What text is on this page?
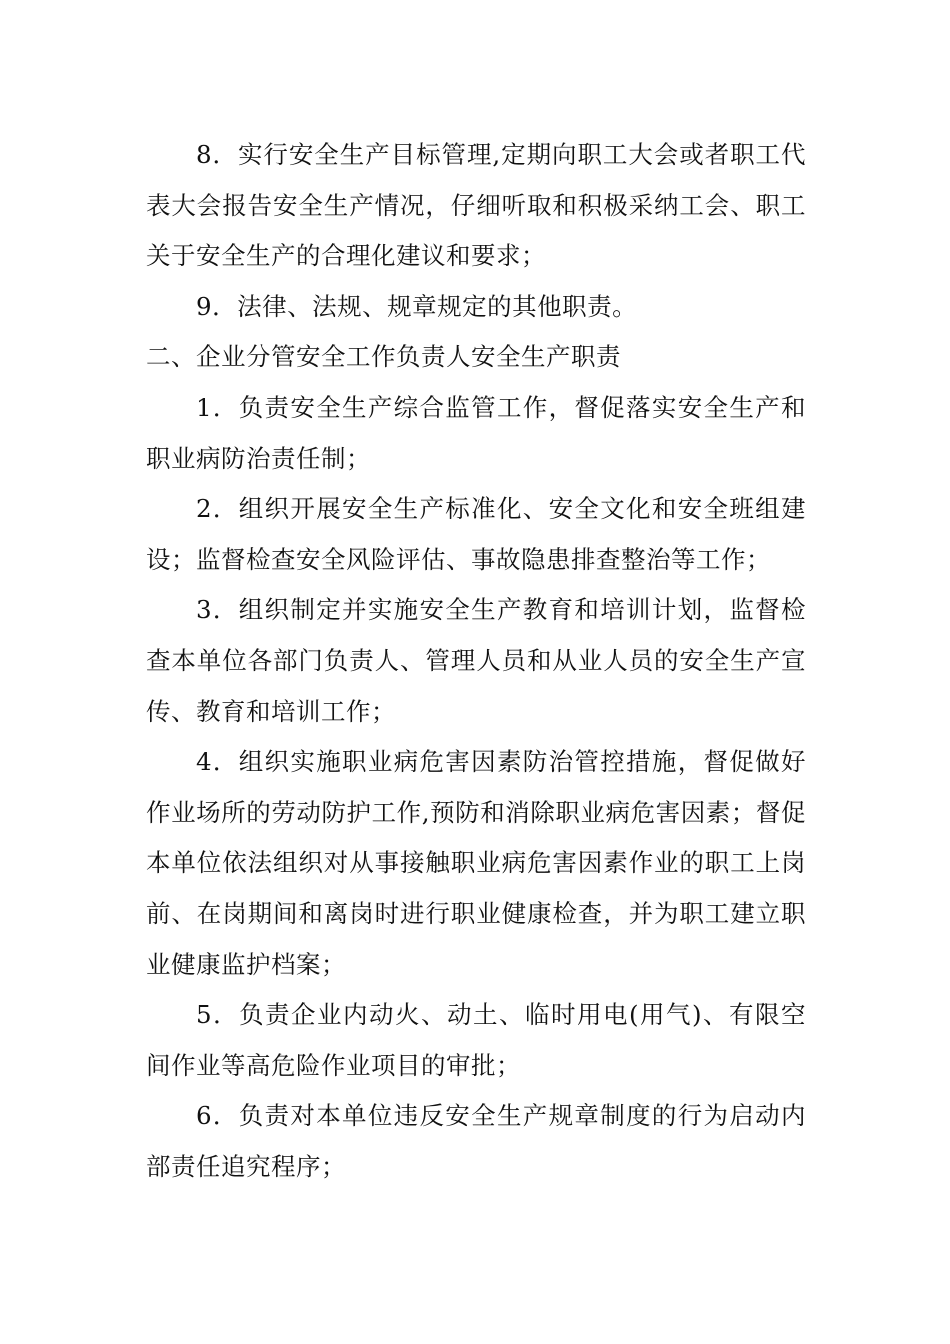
8．实行安全生产目标管理,定期向职工大会或者职工代表大会报告安全生产情况，仔细听取和积极采纳工会、职工关于安全生产的合理化建议和要求；

9．法律、法规、规章规定的其他职责。

二、企业分管安全工作负责人安全生产职责

1．负责安全生产综合监管工作，督促落实安全生产和职业病防治责任制；

2．组织开展安全生产标准化、安全文化和安全班组建设；监督检查安全风险评估、事故隐患排查整治等工作；

3．组织制定并实施安全生产教育和培训计划，监督检查本单位各部门负责人、管理人员和从业人员的安全生产宣传、教育和培训工作；

4．组织实施职业病危害因素防治管控措施，督促做好作业场所的劳动防护工作,预防和消除职业病危害因素；督促本单位依法组织对从事接触职业病危害因素作业的职工上岗前、在岗期间和离岗时进行职业健康检查，并为职工建立职业健康监护档案；

5．负责企业内动火、动土、临时用电(用气)、有限空间作业等高危险作业项目的审批；

6．负责对本单位违反安全生产规章制度的行为启动内部责任追究程序；
